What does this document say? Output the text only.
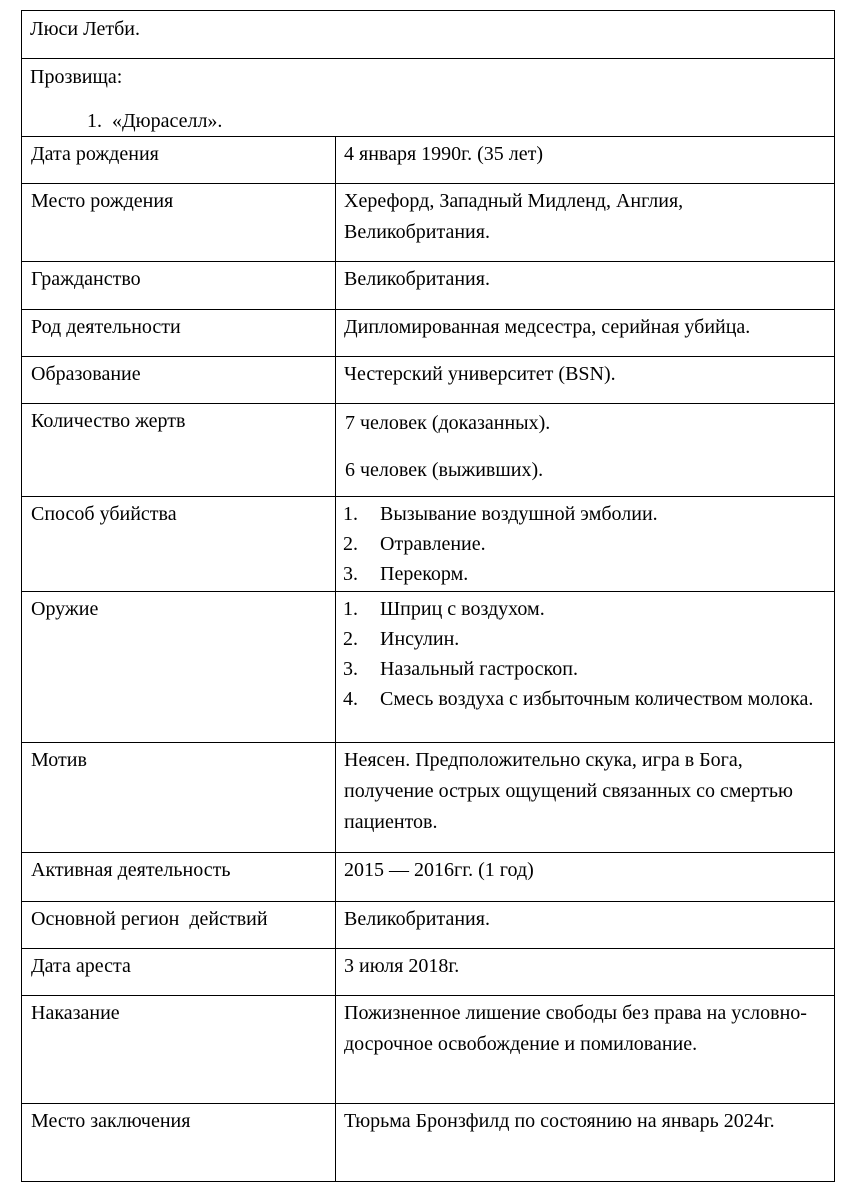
Люси Летби.
Прозвища:
1.  «Дюраселл».
Дата рождения	4 января 1990г. (35 лет)
Место рождения	Херефорд, Западный Мидленд, Англия, Великобритания.
Гражданство	Великобритания.
Род деятельности	Дипломированная медсестра, серийная убийца.
Образование	Честерский университет (BSN).
Количество жертв	7 человек (доказанных).
6 человек (выживших).
Способ убийства	1.	Вызывание воздушной эмболии.
2.	Отравление.
3.	Перекорм.
Оружие	1.	Шприц с воздухом.
2.	Инсулин.
3.	Назальный гастроскоп.
4.	Смесь воздуха с избыточным количеством молока.
Мотив	Неясен. Предположительно скука, игра в Бога, получение острых ощущений связанных со смертью пациентов.
Активная деятельность	2015 — 2016гг. (1 год)
Основной регион  действий	Великобритания.
Дата ареста	3 июля 2018г.
Наказание	Пожизненное лишение свободы без права на условно-досрочное освобождение и помилование.
Место заключения	Тюрьма Бронзфилд по состоянию на январь 2024г.
